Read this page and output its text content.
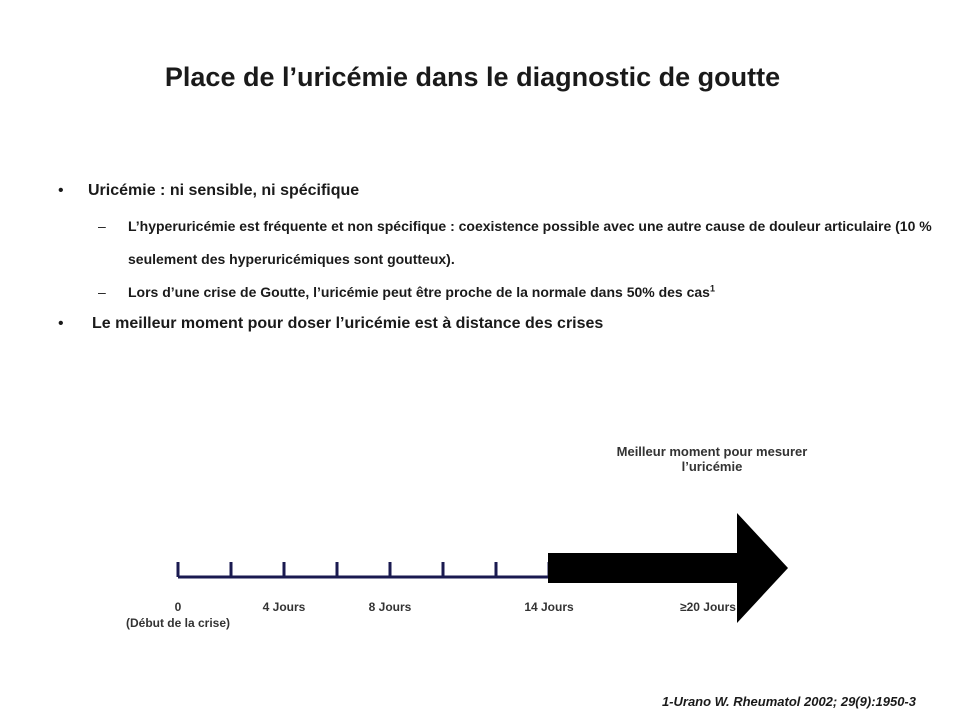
Place de l’uricémie dans le diagnostic de goutte
• Uricémie : ni sensible, ni spécifique
– L’hyperuricémie est fréquente et non spécifique : coexistence possible avec une autre cause de douleur articulaire (10 % seulement des hyperuricémiques sont goutteux).
– Lors d’une crise de Goutte, l’uricémie peut être proche de la normale dans 50% des cas$^1$
• Le meilleur moment pour doser l’uricémie est à distance des crises
Meilleur moment pour mesurer l’uricémie
0	4 Jours	8 Jours	14 Jours	≥20 Jours
(Début de la crise)
1-Urano W. Rheumatol 2002; 29(9):1950-3
